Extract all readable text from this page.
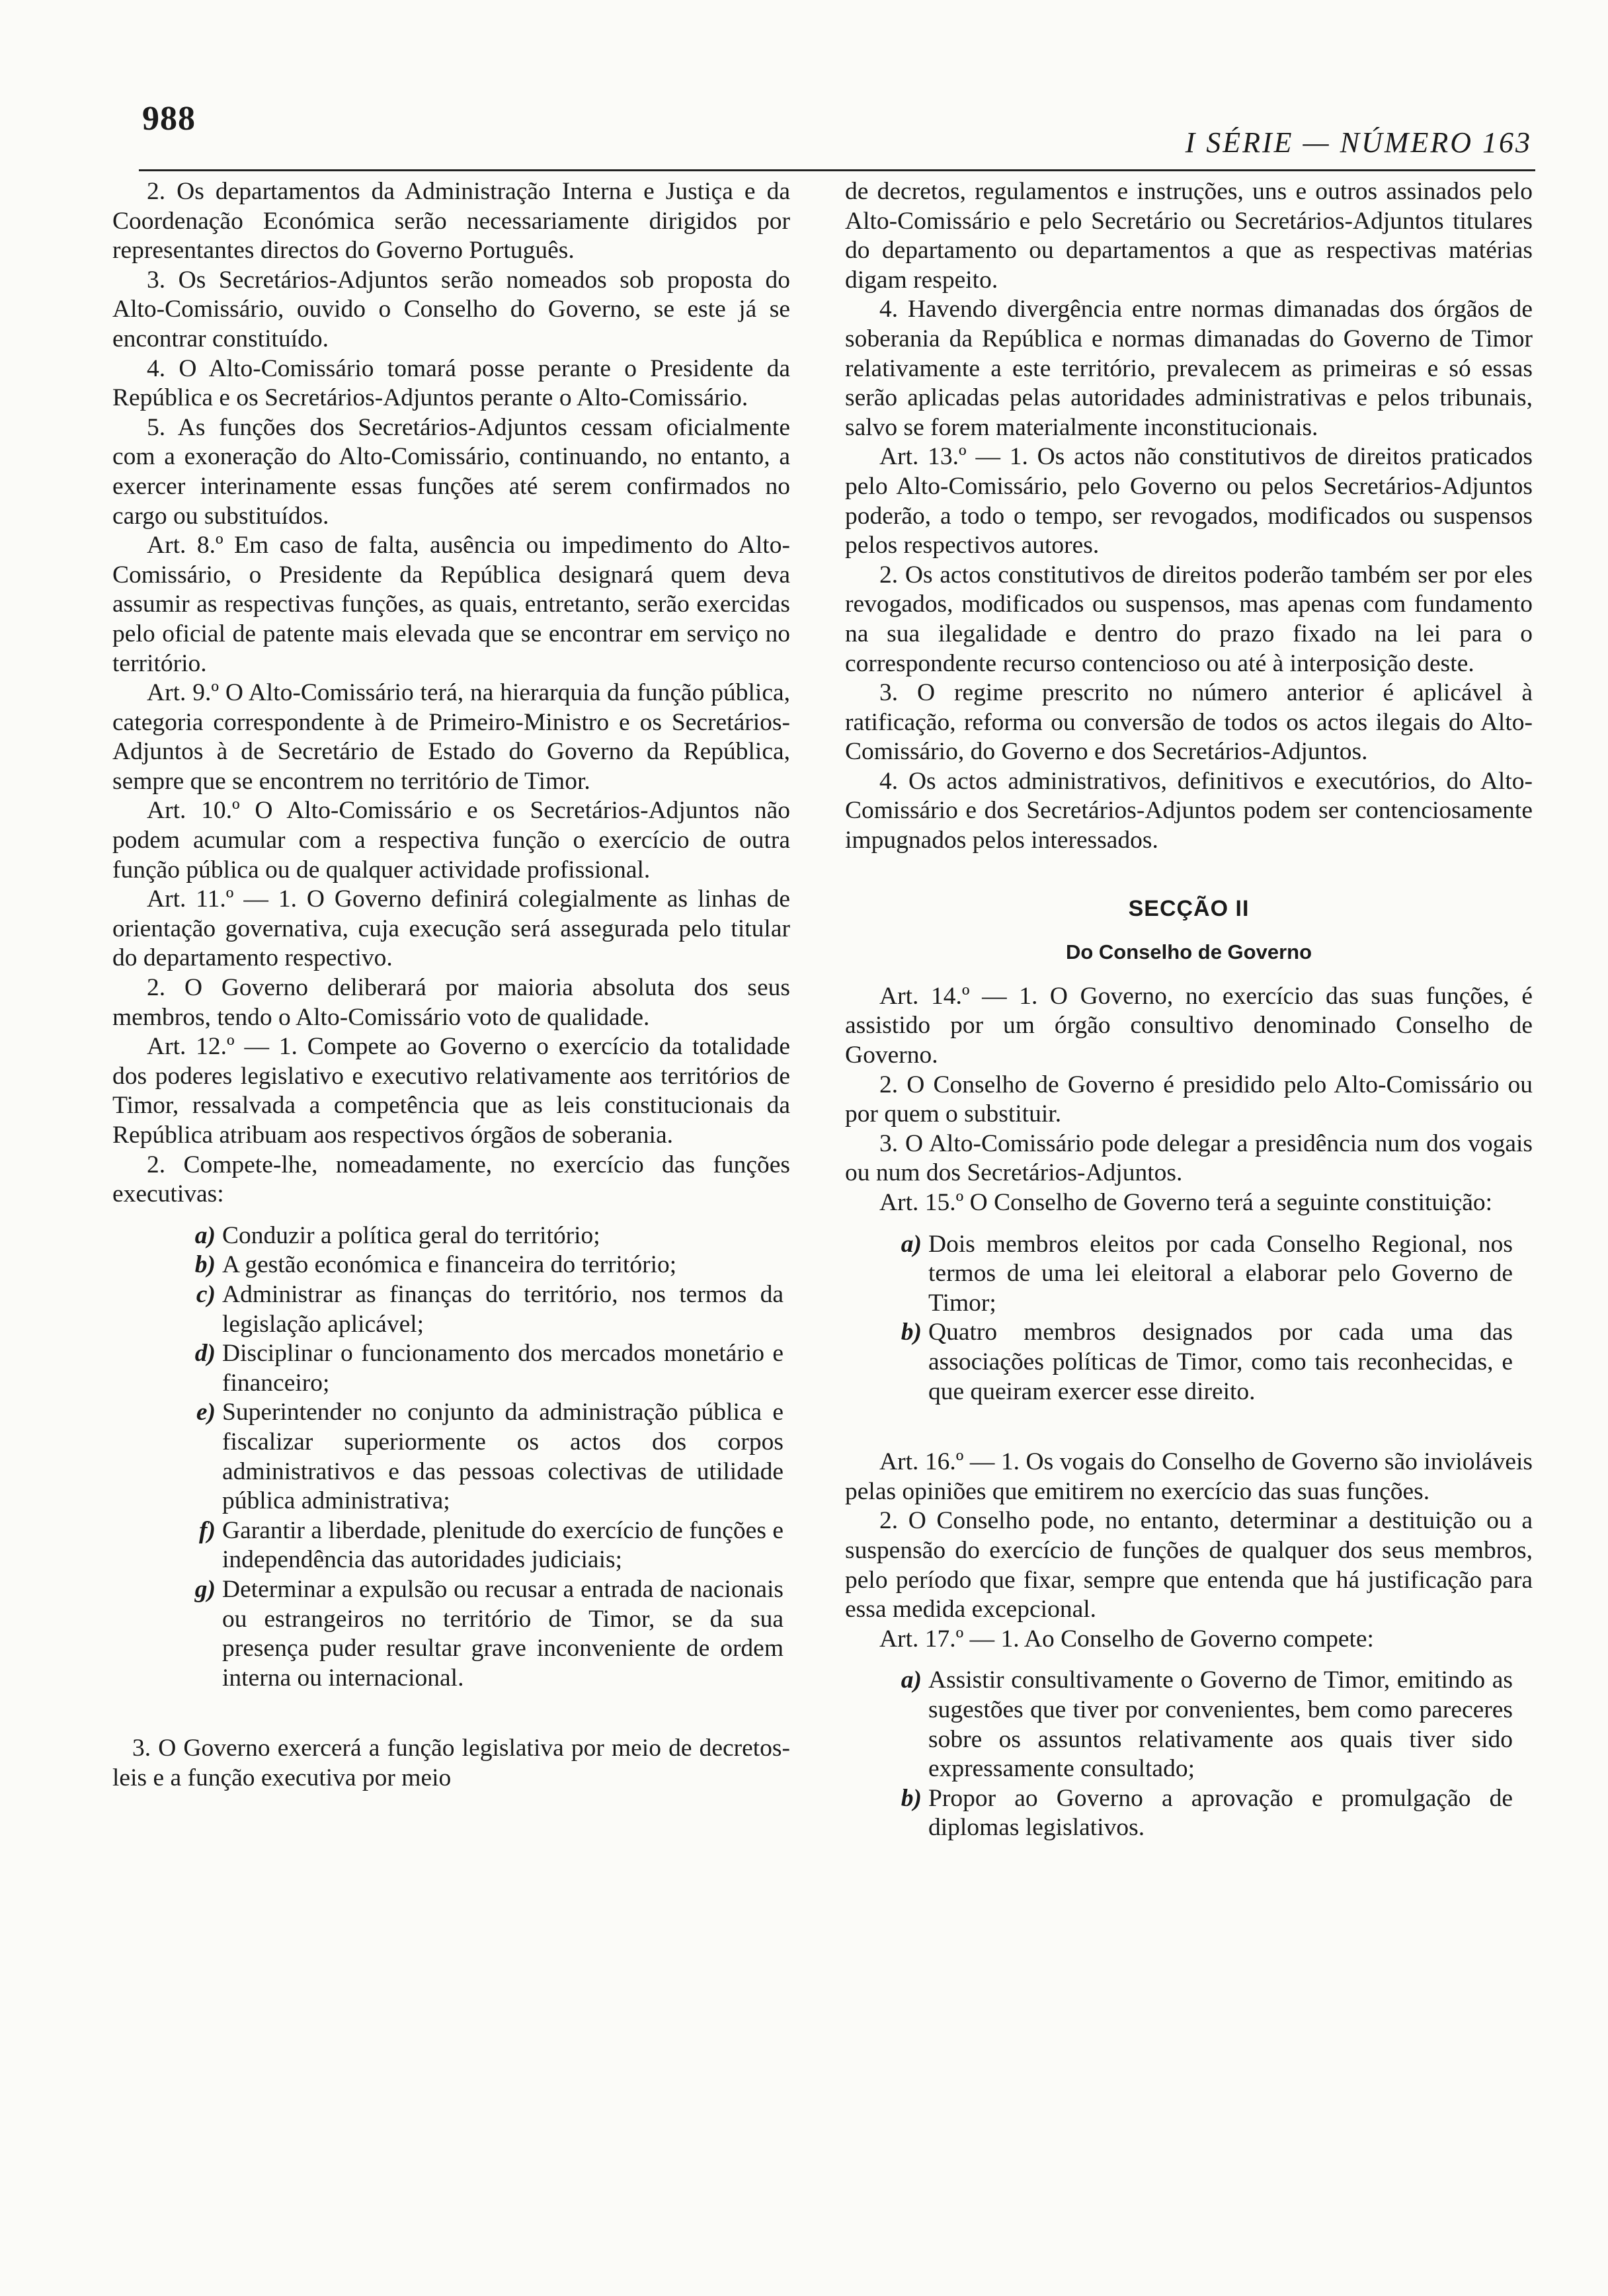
988
I SÉRIE — NÚMERO 163

2. Os departamentos da Administração Interna e Justiça e da Coordenação Económica serão necessariamente dirigidos por representantes directos do Governo Português.

3. Os Secretários-Adjuntos serão nomeados sob proposta do Alto-Comissário, ouvido o Conselho do Governo, se este já se encontrar constituído.

4. O Alto-Comissário tomará posse perante o Presidente da República e os Secretários-Adjuntos perante o Alto-Comissário.

5. As funções dos Secretários-Adjuntos cessam oficialmente com a exoneração do Alto-Comissário, continuando, no entanto, a exercer interinamente essas funções até serem confirmados no cargo ou substituídos.

Art. 8.º Em caso de falta, ausência ou impedimento do Alto-Comissário, o Presidente da República designará quem deva assumir as respectivas funções, as quais, entretanto, serão exercidas pelo oficial de patente mais elevada que se encontrar em serviço no território.

Art. 9.º O Alto-Comissário terá, na hierarquia da função pública, categoria correspondente à de Primeiro-Ministro e os Secretários-Adjuntos à de Secretário de Estado do Governo da República, sempre que se encontrem no território de Timor.

Art. 10.º O Alto-Comissário e os Secretários-Adjuntos não podem acumular com a respectiva função o exercício de outra função pública ou de qualquer actividade profissional.

Art. 11.º — 1. O Governo definirá colegialmente as linhas de orientação governativa, cuja execução será assegurada pelo titular do departamento respectivo.

2. O Governo deliberará por maioria absoluta dos seus membros, tendo o Alto-Comissário voto de qualidade.

Art. 12.º — 1. Compete ao Governo o exercício da totalidade dos poderes legislativo e executivo relativamente aos territórios de Timor, ressalvada a competência que as leis constitucionais da República atribuam aos respectivos órgãos de soberania.

2. Compete-lhe, nomeadamente, no exercício das funções executivas:

a) Conduzir a política geral do território;
b) A gestão económica e financeira do território;
c) Administrar as finanças do território, nos termos da legislação aplicável;
d) Disciplinar o funcionamento dos mercados monetário e financeiro;
e) Superintender no conjunto da administração pública e fiscalizar superiormente os actos dos corpos administrativos e das pessoas colectivas de utilidade pública administrativa;
f) Garantir a liberdade, plenitude do exercício de funções e independência das autoridades judiciais;
g) Determinar a expulsão ou recusar a entrada de nacionais ou estrangeiros no território de Timor, se da sua presença puder resultar grave inconveniente de ordem interna ou internacional.

3. O Governo exercerá a função legislativa por meio de decretos-leis e a função executiva por meio

de decretos, regulamentos e instruções, uns e outros assinados pelo Alto-Comissário e pelo Secretário ou Secretários-Adjuntos titulares do departamento ou departamentos a que as respectivas matérias digam respeito.

4. Havendo divergência entre normas dimanadas dos órgãos de soberania da República e normas dimanadas do Governo de Timor relativamente a este território, prevalecem as primeiras e só essas serão aplicadas pelas autoridades administrativas e pelos tribunais, salvo se forem materialmente inconstitucionais.

Art. 13.º — 1. Os actos não constitutivos de direitos praticados pelo Alto-Comissário, pelo Governo ou pelos Secretários-Adjuntos poderão, a todo o tempo, ser revogados, modificados ou suspensos pelos respectivos autores.

2. Os actos constitutivos de direitos poderão também ser por eles revogados, modificados ou suspensos, mas apenas com fundamento na sua ilegalidade e dentro do prazo fixado na lei para o correspondente recurso contencioso ou até à interposição deste.

3. O regime prescrito no número anterior é aplicável à ratificação, reforma ou conversão de todos os actos ilegais do Alto-Comissário, do Governo e dos Secretários-Adjuntos.

4. Os actos administrativos, definitivos e executórios, do Alto-Comissário e dos Secretários-Adjuntos podem ser contenciosamente impugnados pelos interessados.

SECÇÃO II
Do Conselho de Governo

Art. 14.º — 1. O Governo, no exercício das suas funções, é assistido por um órgão consultivo denominado Conselho de Governo.

2. O Conselho de Governo é presidido pelo Alto-Comissário ou por quem o substituir.

3. O Alto-Comissário pode delegar a presidência num dos vogais ou num dos Secretários-Adjuntos.

Art. 15.º O Conselho de Governo terá a seguinte constituição:

a) Dois membros eleitos por cada Conselho Regional, nos termos de uma lei eleitoral a elaborar pelo Governo de Timor;
b) Quatro membros designados por cada uma das associações políticas de Timor, como tais reconhecidas, e que queiram exercer esse direito.

Art. 16.º — 1. Os vogais do Conselho de Governo são invioláveis pelas opiniões que emitirem no exercício das suas funções.

2. O Conselho pode, no entanto, determinar a destituição ou a suspensão do exercício de funções de qualquer dos seus membros, pelo período que fixar, sempre que entenda que há justificação para essa medida excepcional.

Art. 17.º — 1. Ao Conselho de Governo compete:

a) Assistir consultivamente o Governo de Timor, emitindo as sugestões que tiver por convenientes, bem como pareceres sobre os assuntos relativamente aos quais tiver sido expressamente consultado;
b) Propor ao Governo a aprovação e promulgação de diplomas legislativos.
